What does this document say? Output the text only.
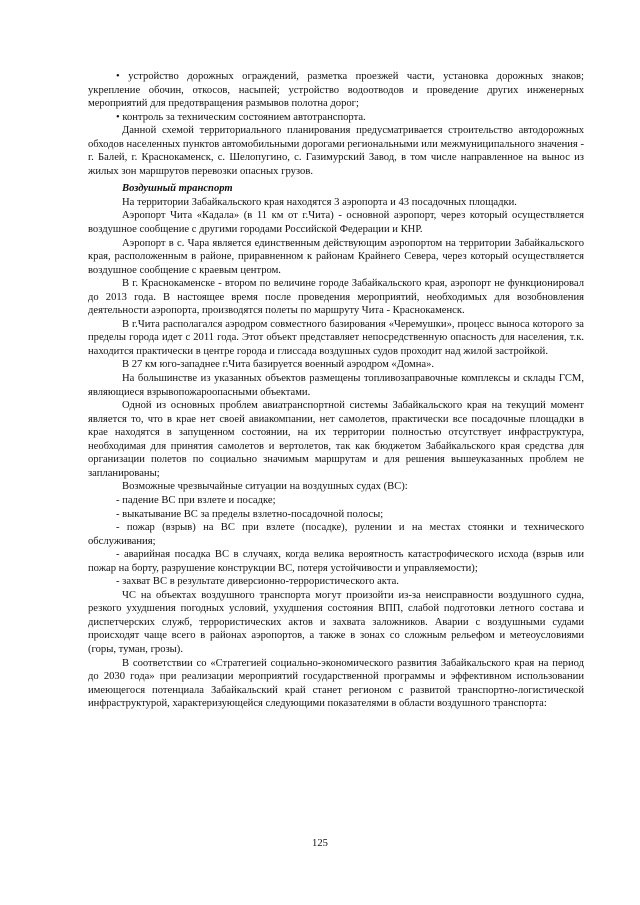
• устройство дорожных ограждений, разметка проезжей части, установка дорожных знаков; укрепление обочин, откосов, насыпей; устройство водоотводов и проведение других инженерных мероприятий для предотвращения размывов полотна дорог;

• контроль за техническим состоянием автотранспорта.

Данной схемой территориального планирования предусматривается строительство автодорожных обходов населенных пунктов автомобильными дорогами региональными или межмуниципального значения - г. Балей, г. Краснокаменск, с. Шелопугино, с. Газимурский Завод, в том числе направленное на вынос из жилых зон маршрутов перевозки опасных грузов.

Воздушный транспорт

На территории Забайкальского края находятся 3 аэропорта и 43 посадочных площадки.

Аэропорт Чита «Кадала» (в 11 км от г.Чита) - основной аэропорт, через который осуществляется воздушное сообщение с другими городами Российской Федерации и КНР.

Аэропорт в с. Чара является единственным действующим аэропортом на территории Забайкальского края, расположенным в районе, приравненном к районам Крайнего Севера, через который осуществляется воздушное сообщение с краевым центром.

В г. Краснокаменске - втором по величине городе Забайкальского края, аэропорт не функционировал до 2013 года. В настоящее время после проведения мероприятий, необходимых для возобновления деятельности аэропорта, производятся полеты по маршруту Чита - Краснокаменск.

В г.Чита располагался аэродром совместного базирования «Черемушки», процесс выноса которого за пределы города идет с 2011 года. Этот объект представляет непосредственную опасность для населения, т.к. находится практически в центре города и глиссада воздушных судов проходит над жилой застройкой.

В 27 км юго-западнее г.Чита базируется военный аэродром «Домна».

На большинстве из указанных объектов размещены топливозаправочные комплексы и склады ГСМ, являющиеся взрывопожароопасными объектами.

Одной из основных проблем авиатранспортной системы Забайкальского края на текущий момент является то, что в крае нет своей авиакомпании, нет самолетов, практически все посадочные площадки в крае находятся в запущенном состоянии, на их территории полностью отсутствует инфраструктура, необходимая для принятия самолетов и вертолетов, так как бюджетом Забайкальского края средства для организации полетов по социально значимым маршрутам и для решения вышеуказанных проблем не запланированы;

Возможные чрезвычайные ситуации на воздушных судах (ВС):

- падение ВС при взлете и посадке;

- выкатывание ВС за пределы взлетно-посадочной полосы;

- пожар (взрыв) на ВС при взлете (посадке), рулении и на местах стоянки и технического обслуживания;

- аварийная посадка ВС в случаях, когда велика вероятность катастрофического исхода (взрыв или пожар на борту, разрушение конструкции ВС, потеря устойчивости и управляемости);

- захват ВС в результате диверсионно-террористического акта.

ЧС на объектах воздушного транспорта могут произойти из-за неисправности воздушного судна, резкого ухудшения погодных условий, ухудшения состояния ВПП, слабой подготовки летного состава и диспетчерских служб, террористических актов и захвата заложников. Аварии с воздушными судами происходят чаще всего в районах аэропортов, а также в зонах со сложным рельефом и метеоусловиями (горы, туман, грозы).

В соответствии со «Стратегией социально-экономического развития Забайкальского края на период до 2030 года» при реализации мероприятий государственной программы и эффективном использовании имеющегося потенциала Забайкальский край станет регионом с развитой транспортно-логистической инфраструктурой, характеризующейся следующими показателями в области воздушного транспорта:

125
